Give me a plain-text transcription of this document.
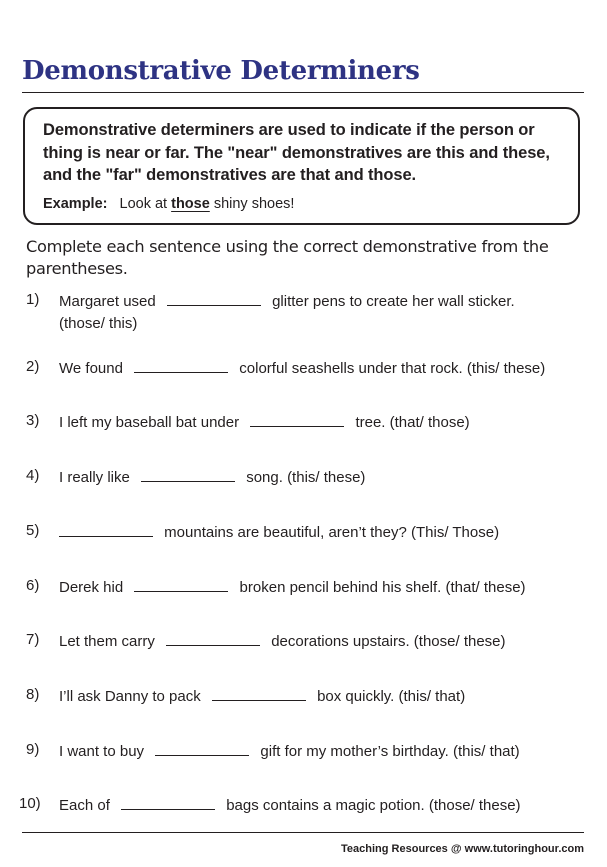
Demonstrative Determiners
Demonstrative determiners are used to indicate if the person or thing is near or far. The "near" demonstratives are this and these, and the "far" demonstratives are that and those.
Example: Look at those shiny shoes!
Complete each sentence using the correct demonstrative from the parentheses.
1)	Margaret used	glitter pens to create her wall sticker.
(those/ this)
2)	We found	colorful seashells under that rock. (this/ these)
3)	I left my baseball bat under	tree. (that/ those)
4)	I really like	song. (this/ these)
5)	mountains are beautiful, aren’t they? (This/ Those)
6)	Derek hid	broken pencil behind his shelf. (that/ these)
7)	Let them carry	decorations upstairs. (those/ these)
8)	I’ll ask Danny to pack	box quickly. (this/ that)
9)	I want to buy	gift for my mother’s birthday. (this/ that)
10) Each of	bags contains a magic potion. (those/ these)
Teaching Resources @ www.tutoringhour.com
